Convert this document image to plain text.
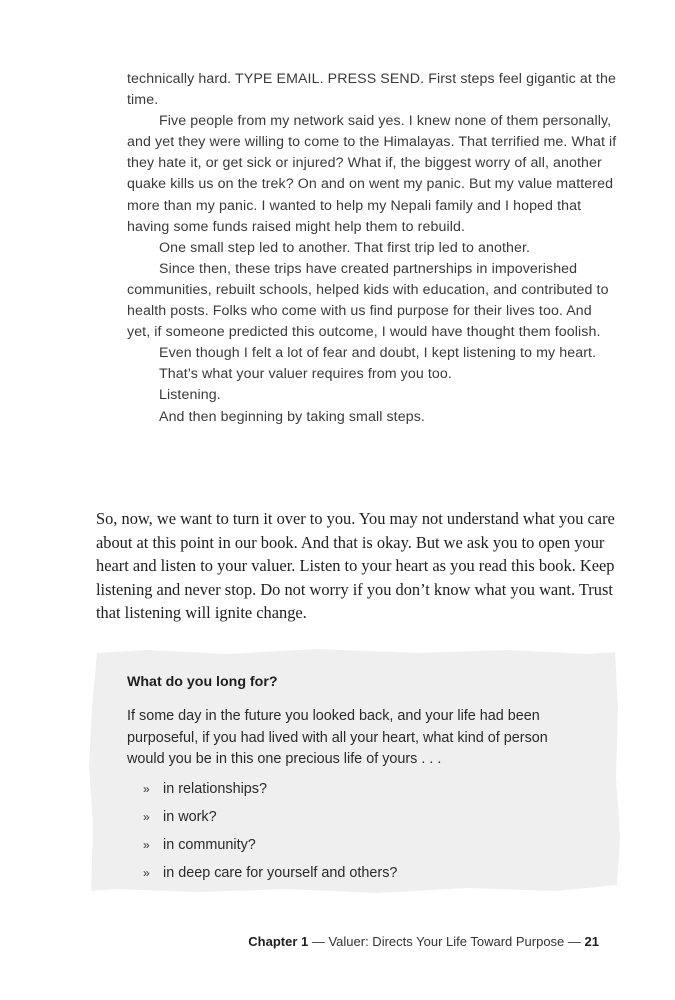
technically hard. TYPE EMAIL. PRESS SEND. First steps feel gigantic at the time.

Five people from my network said yes. I knew none of them personally, and yet they were willing to come to the Himalayas. That terrified me. What if they hate it, or get sick or injured? What if, the biggest worry of all, another quake kills us on the trek? On and on went my panic. But my value mattered more than my panic. I wanted to help my Nepali family and I hoped that having some funds raised might help them to rebuild.

One small step led to another. That first trip led to another.

Since then, these trips have created partnerships in impoverished communities, rebuilt schools, helped kids with education, and contributed to health posts. Folks who come with us find purpose for their lives too. And yet, if someone predicted this outcome, I would have thought them foolish.

Even though I felt a lot of fear and doubt, I kept listening to my heart.

That’s what your valuer requires from you too.

Listening.

And then beginning by taking small steps.

So, now, we want to turn it over to you. You may not understand what you care about at this point in our book. And that is okay. But we ask you to open your heart and listen to your valuer. Listen to your heart as you read this book. Keep listening and never stop. Do not worry if you don’t know what you want. Trust that listening will ignite change.

What do you long for?

If some day in the future you looked back, and your life had been purposeful, if you had lived with all your heart, what kind of person would you be in this one precious life of yours . . .

» in relationships?
» in work?
» in community?
» in deep care for yourself and others?
Chapter 1 — Valuer: Directs Your Life Toward Purpose — 21
